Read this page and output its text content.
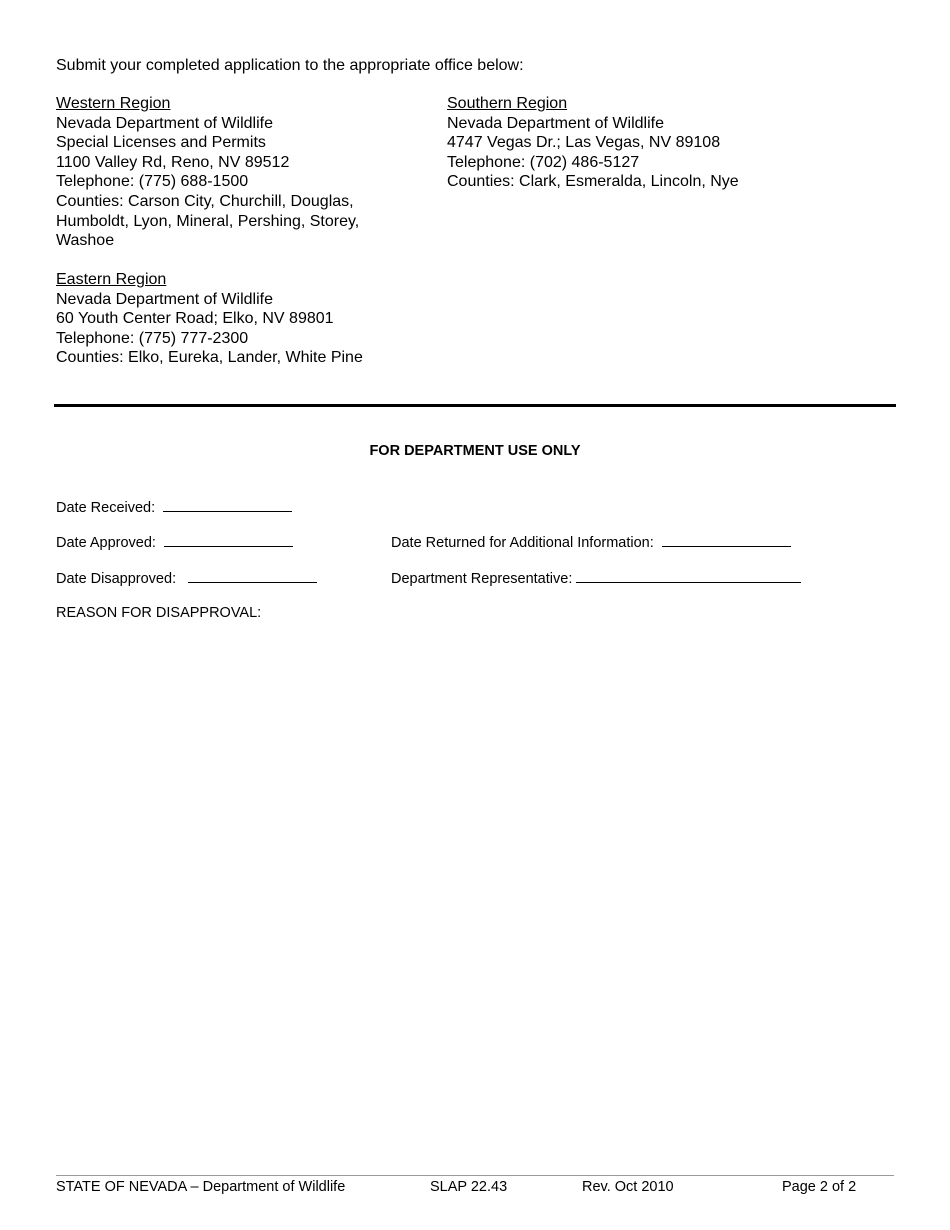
Submit your completed application to the appropriate office below:
Western Region
Nevada Department of Wildlife
Special Licenses and Permits
1100 Valley Rd, Reno, NV 89512
Telephone: (775) 688-1500
Counties: Carson City, Churchill, Douglas, Humboldt, Lyon, Mineral, Pershing, Storey, Washoe
Southern Region
Nevada Department of Wildlife
4747 Vegas Dr.; Las Vegas, NV 89108
Telephone: (702) 486-5127
Counties: Clark, Esmeralda, Lincoln, Nye
Eastern Region
Nevada Department of Wildlife
60 Youth Center Road; Elko, NV 89801
Telephone: (775) 777-2300
Counties: Elko, Eureka, Lander, White Pine
FOR DEPARTMENT USE ONLY
Date Received:
Date Approved:	Date Returned for Additional Information:
Date Disapproved:	Department Representative:
REASON FOR DISAPPROVAL:
STATE OF NEVADA – Department of Wildlife	SLAP 22.43	Rev. Oct 2010	Page 2 of 2
